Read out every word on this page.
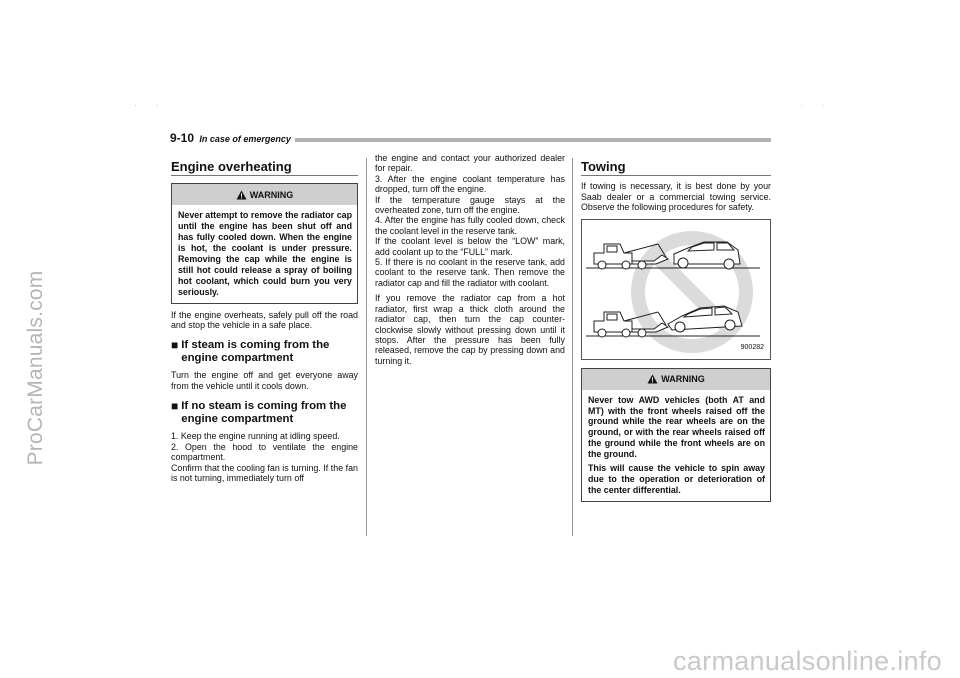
ProCarManuals.com
carmanualsonline.info
· ·	· ·
9-10 In case of emergency
Engine overheating
WARNING
Never attempt to remove the radiator cap until the engine has been shut off and has fully cooled down. When the engine is hot, the coolant is under pressure. Removing the cap while the engine is still hot could release a spray of boiling hot coolant, which could burn you very seriously.

If the engine overheats, safely pull off the road and stop the vehicle in a safe place.

■ If steam is coming from the engine compartment

Turn the engine off and get everyone away from the vehicle until it cools down.

■ If no steam is coming from the engine compartment

1. Keep the engine running at idling speed.

2. Open the hood to ventilate the engine compartment.

Confirm that the cooling fan is turning. If the fan is not turning, immediately turn off

the engine and contact your authorized dealer for repair.

3. After the engine coolant temperature has dropped, turn off the engine.

If the temperature gauge stays at the overheated zone, turn off the engine.

4. After the engine has fully cooled down, check the coolant level in the reserve tank.

If the coolant level is below the “LOW” mark, add coolant up to the “FULL” mark.

5. If there is no coolant in the reserve tank, add coolant to the reserve tank. Then remove the radiator cap and fill the radiator with coolant.

If you remove the radiator cap from a hot radiator, first wrap a thick cloth around the radiator cap, then turn the cap counter-clockwise slowly without pressing down until it stops. After the pressure has been fully released, remove the cap by pressing down and turning it.

Towing

If towing is necessary, it is best done by your Saab dealer or a commercial towing service. Observe the following procedures for safety.

900282
WARNING

Never tow AWD vehicles (both AT and MT) with the front wheels raised off the ground while the rear wheels are on the ground, or with the rear wheels raised off the ground while the front wheels are on the ground.

This will cause the vehicle to spin away due to the operation or deterioration of the center differential.
